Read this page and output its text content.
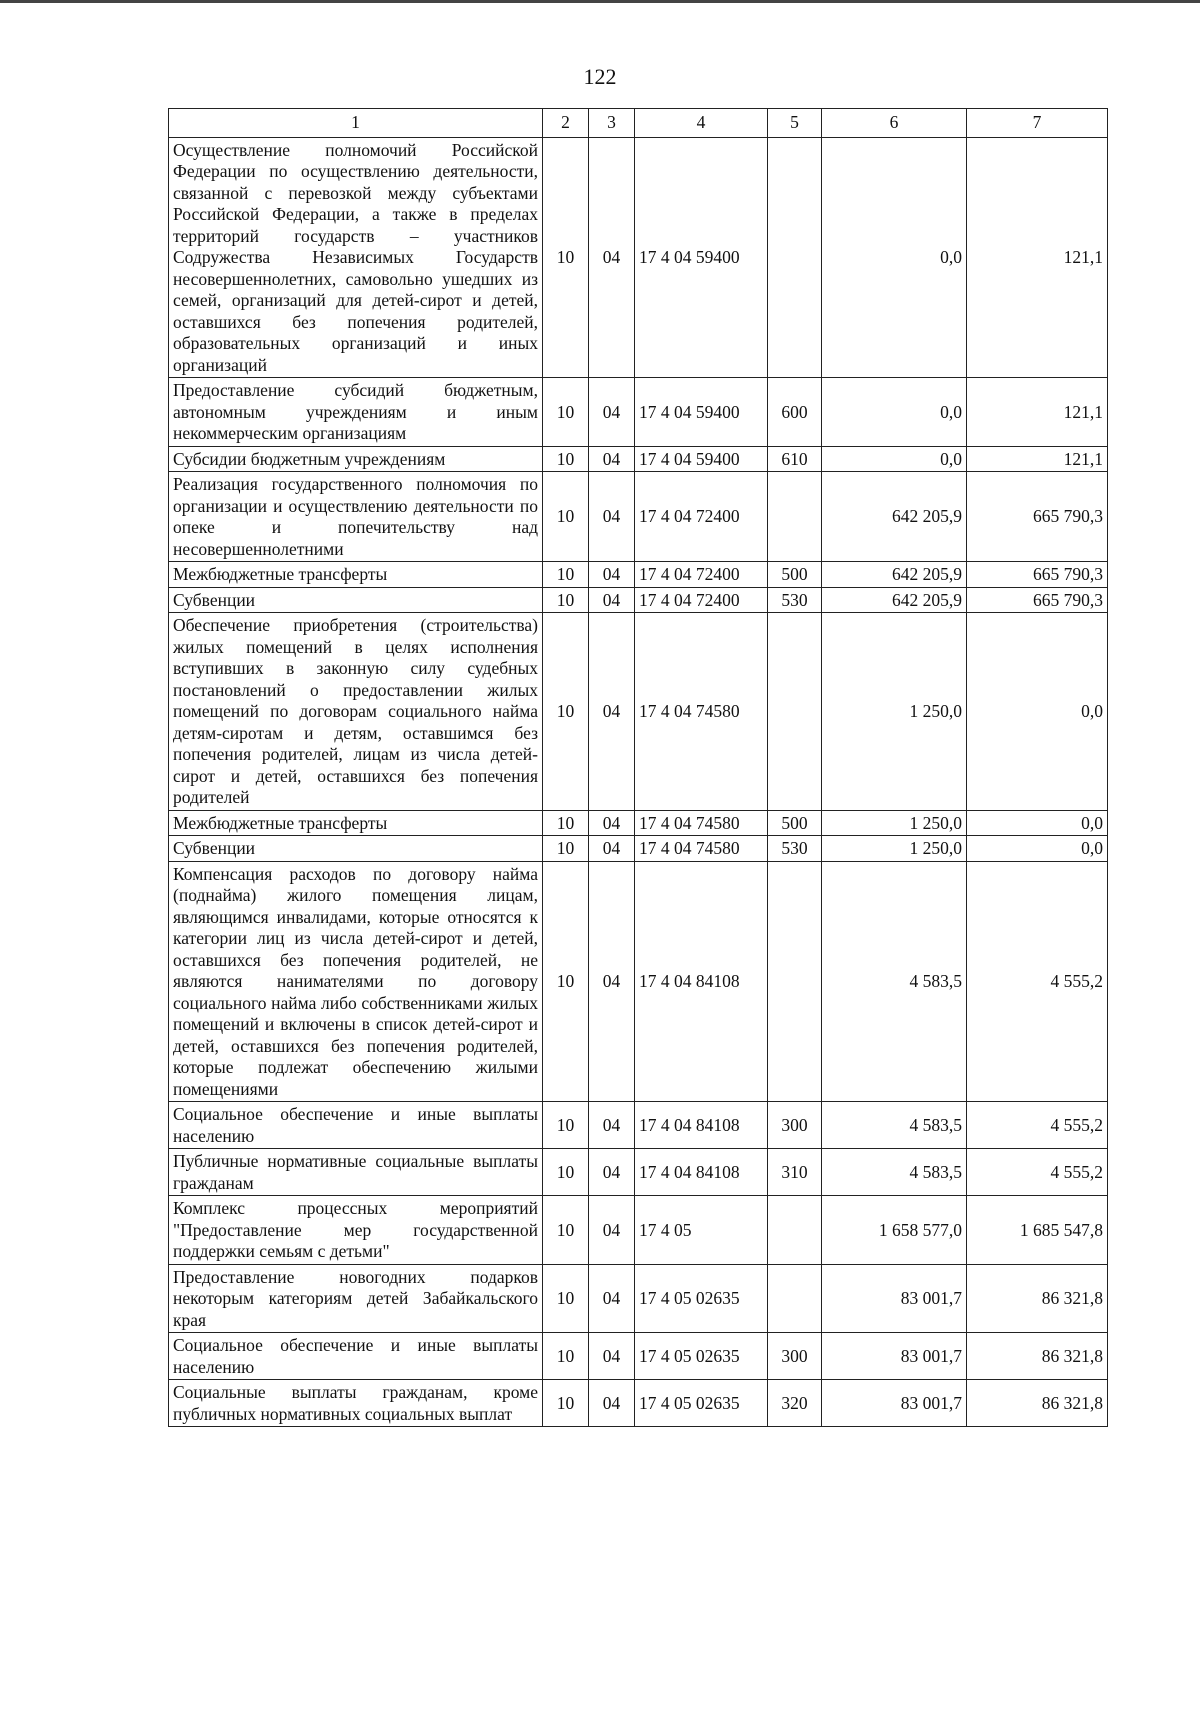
122
1	2	3	4	5	6	7
Осуществление полномочий Российской Федерации по осуществлению деятельности, связанной с перевозкой между субъектами Российской Федерации, а также в пределах территорий государств – участников Содружества Независимых Государств несовершеннолетних, самовольно ушедших из семей, организаций для детей-сирот и детей, оставшихся без попечения родителей, образовательных организаций и иных организаций	10	04	17 4 04 59400		0,0	121,1
Предоставление субсидий бюджетным, автономным учреждениям и иным некоммерческим организациям	10	04	17 4 04 59400	600	0,0	121,1
Субсидии бюджетным учреждениям	10	04	17 4 04 59400	610	0,0	121,1
Реализация государственного полномочия по организации и осуществлению деятельности по опеке и попечительству над несовершеннолетними	10	04	17 4 04 72400		642 205,9	665 790,3
Межбюджетные трансферты	10	04	17 4 04 72400	500	642 205,9	665 790,3
Субвенции	10	04	17 4 04 72400	530	642 205,9	665 790,3
Обеспечение приобретения (строительства) жилых помещений в целях исполнения вступивших в законную силу судебных постановлений о предоставлении жилых помещений по договорам социального найма детям-сиротам и детям, оставшимся без попечения родителей, лицам из числа детей-сирот и детей, оставшихся без попечения родителей	10	04	17 4 04 74580		1 250,0	0,0
Межбюджетные трансферты	10	04	17 4 04 74580	500	1 250,0	0,0
Субвенции	10	04	17 4 04 74580	530	1 250,0	0,0
Компенсация расходов по договору найма (поднайма) жилого помещения лицам, являющимся инвалидами, которые относятся к категории лиц из числа детей-сирот и детей, оставшихся без попечения родителей, не являются нанимателями по договору социального найма либо собственниками жилых помещений и включены в список детей-сирот и детей, оставшихся без попечения родителей, которые подлежат обеспечению жилыми помещениями	10	04	17 4 04 84108		4 583,5	4 555,2
Социальное обеспечение и иные выплаты населению	10	04	17 4 04 84108	300	4 583,5	4 555,2
Публичные нормативные социальные выплаты гражданам	10	04	17 4 04 84108	310	4 583,5	4 555,2
Комплекс процессных мероприятий "Предоставление мер государственной поддержки семьям с детьми"	10	04	17 4 05		1 658 577,0	1 685 547,8
Предоставление новогодних подарков некоторым категориям детей Забайкальского края	10	04	17 4 05 02635		83 001,7	86 321,8
Социальное обеспечение и иные выплаты населению	10	04	17 4 05 02635	300	83 001,7	86 321,8
Социальные выплаты гражданам, кроме публичных нормативных социальных выплат	10	04	17 4 05 02635	320	83 001,7	86 321,8
